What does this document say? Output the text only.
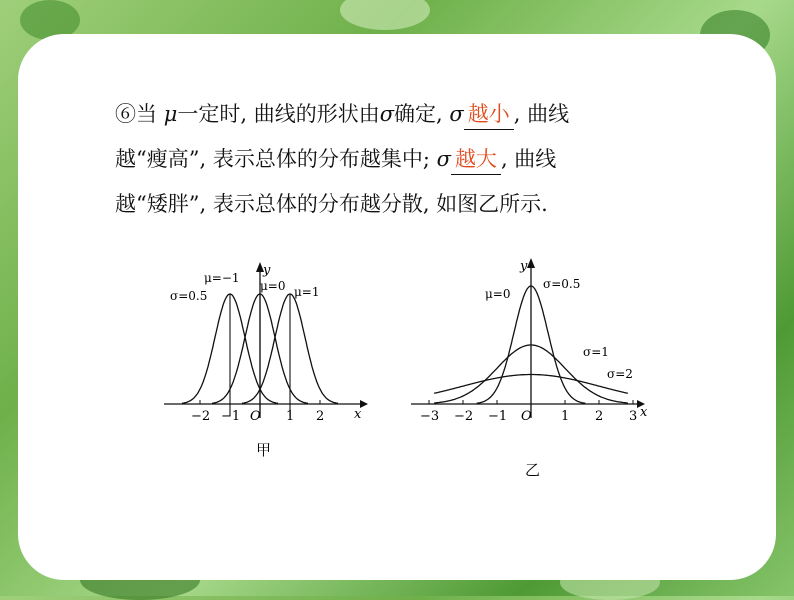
⑥当 μ一定时, 曲线的形状由σ确定, σ 越小 , 曲线
越“瘦高”, 表示总体的分布越集中; σ 越大 , 曲线
越“矮胖”, 表示总体的分布越分散, 如图乙所示.
−2 −1 O 1 2 x
y
σ=0.5
μ=−1
μ=0 μ=1
甲
−3 −2 −1 O 1 2 3 x
y
μ=0
σ=0.5
σ=1
σ=2
乙
